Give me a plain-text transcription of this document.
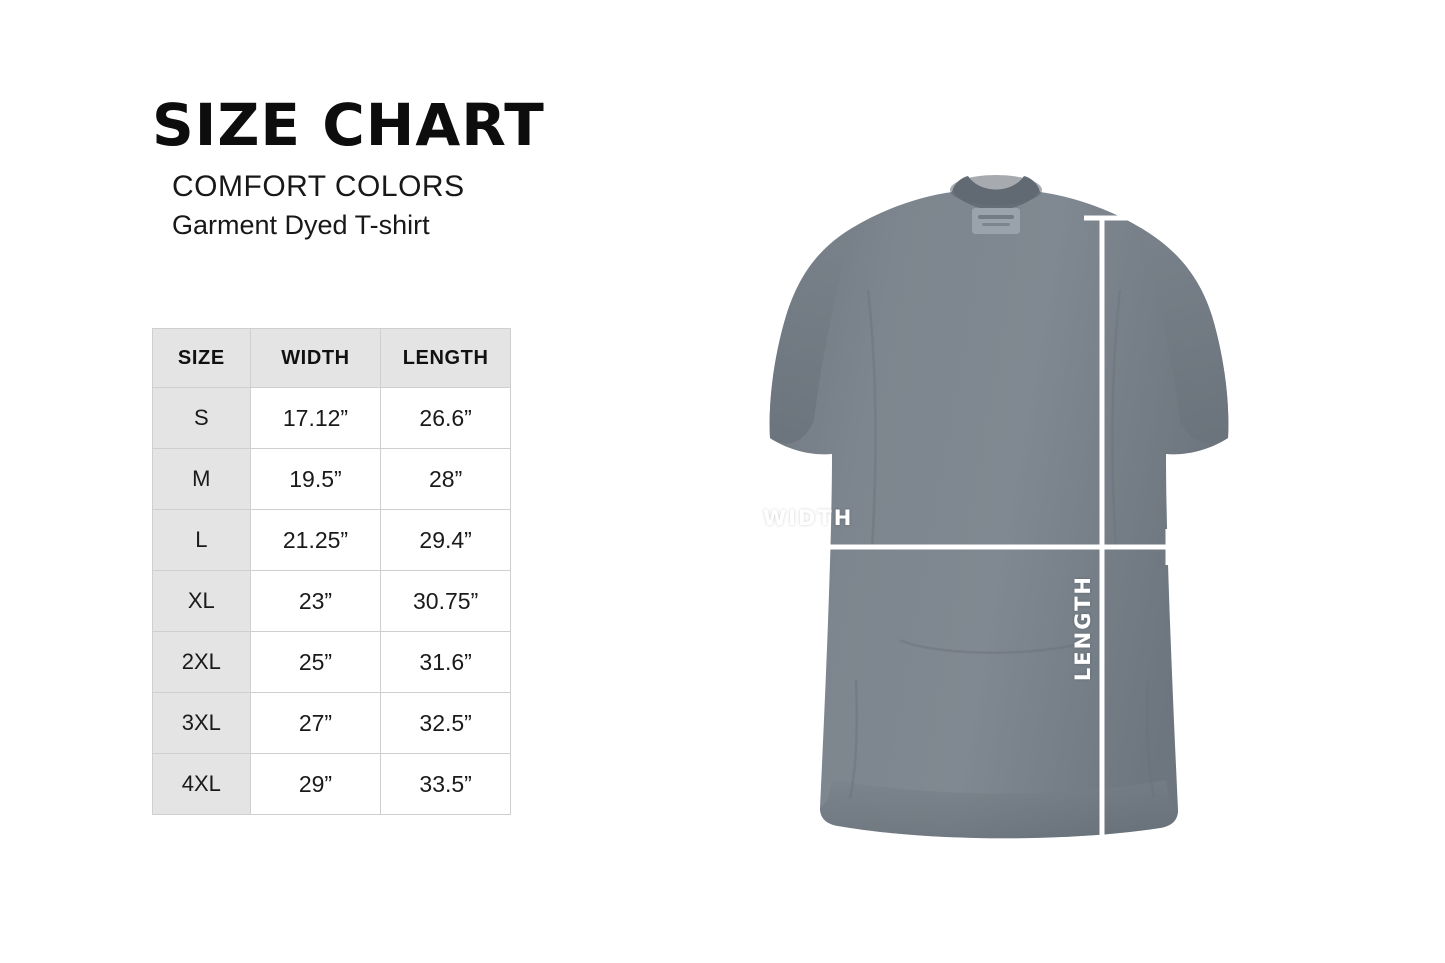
SIZE CHART

COMFORT COLORS

Garment Dyed T-shirt

SIZE	WIDTH	LENGTH
S	17.12”	26.6”
M	19.5”	28”
L	21.25”	29.4”
XL	23”	30.75”
2XL	25”	31.6”
3XL	27”	32.5”
4XL	29”	33.5”
WIDTH
LENGTH
